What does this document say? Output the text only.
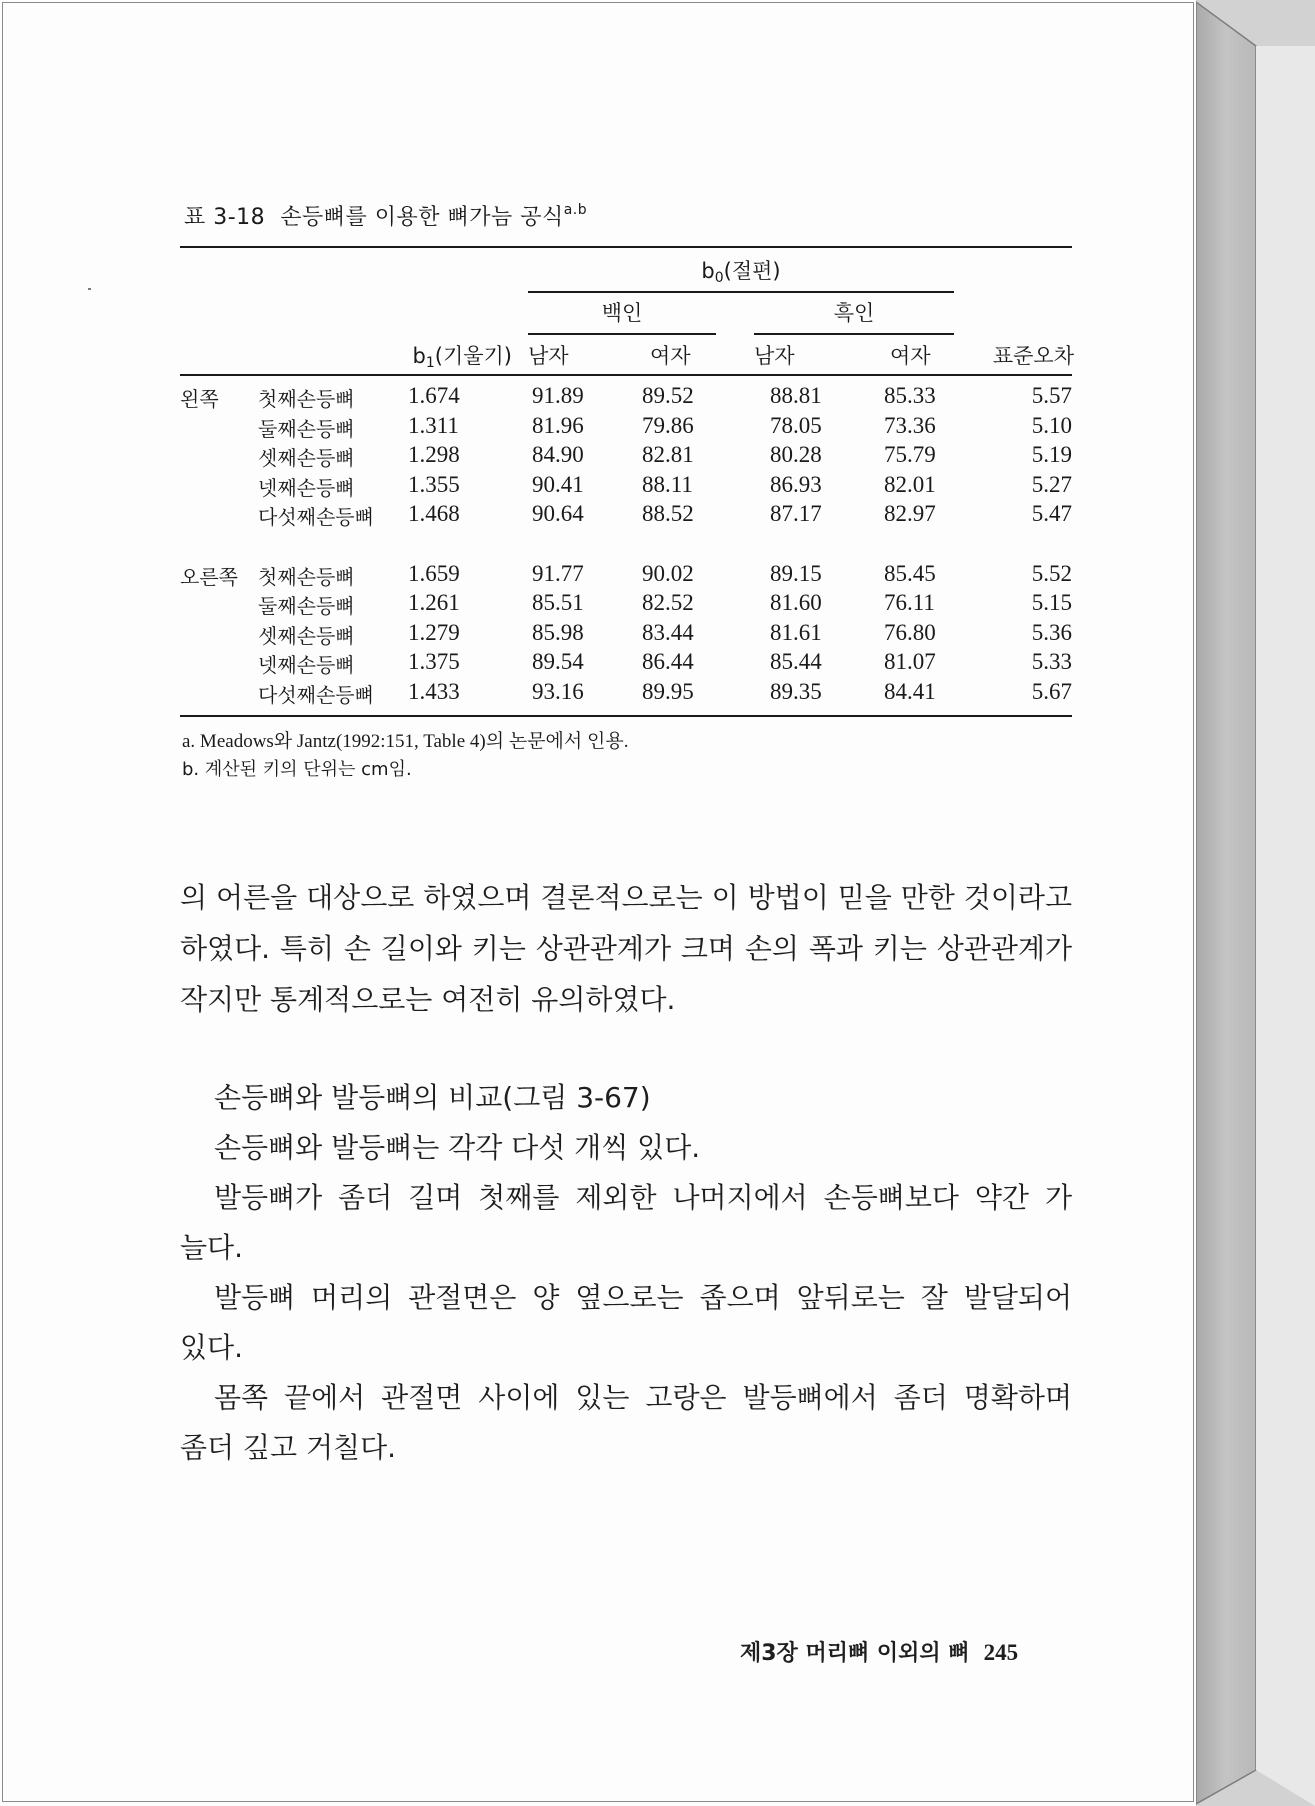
표 3-18 손등뼈를 이용한 뼈가늠 공식$^{a.b}$
$b_0$(절편)
백인	흑인
$b_1$(기울기) 남자	여자	남자	여자	표준오차
왼쪽 첫째손등뼈 1.674	91.89	89.52	88.81	85.33	5.57
둘째손등뼈 1.311	81.96	79.86	78.05	73.36	5.10
셋째손등뼈 1.298	84.90	82.81	80.28	75.79	5.19
넷째손등뼈 1.355	90.41	88.11	86.93	82.01	5.27
다섯째손등뼈 1.468	90.64	88.52	87.17	82.97	5.47
오른쪽 첫째손등뼈 1.659	91.77	90.02	89.15	85.45	5.52
둘째손등뼈 1.261	85.51	82.52	81.60	76.11	5.15
셋째손등뼈 1.279	85.98	83.44	81.61	76.80	5.36
넷째손등뼈 1.375	89.54	86.44	85.44	81.07	5.33
다섯째손등뼈 1.433	93.16	89.95	89.35	84.41	5.67
a. Meadows와 Jantz(1992:151, Table 4)의 논문에서 인용.
b. 계산된 키의 단위는 cm임.
의 어른을 대상으로 하였으며 결론적으로는 이 방법이 믿을 만한 것이라고 하였다. 특히 손 길이와 키는 상관관계가 크며 손의 폭과 키는 상관관계가 작지만 통계적으로는 여전히 유의하였다.
손등뼈와 발등뼈의 비교(그림 3-67)
손등뼈와 발등뼈는 각각 다섯 개씩 있다.
발등뼈가 좀더 길며 첫째를 제외한 나머지에서 손등뼈보다 약간 가
늘다.
발등뼈 머리의 관절면은 양 옆으로는 좁으며 앞뒤로는 잘 발달되어
있다.
몸쪽 끝에서 관절면 사이에 있는 고랑은 발등뼈에서 좀더 명확하며
좀더 깊고 거칠다.
제3장 머리뼈 이외의 뼈 245
